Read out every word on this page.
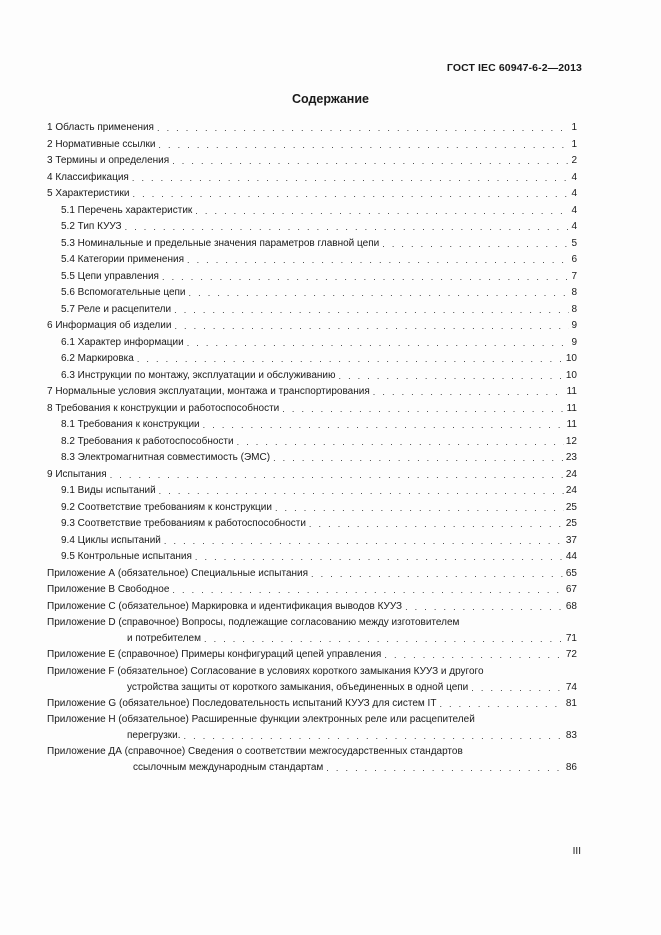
ГОСТ IEC 60947-6-2—2013
Содержание
1 Область применения . . .	1
2 Нормативные ссылки . . .	1
3 Термины и определения . . .	2
4 Классификация . . .	4
5 Характеристики . . .	4
5.1 Перечень характеристик . . .	4
5.2 Тип КУУЗ . . .	4
5.3 Номинальные и предельные значения параметров главной цепи . . .	5
5.4 Категории применения . . .	6
5.5 Цепи управления . . .	7
5.6 Вспомогательные цепи . . .	8
5.7 Реле и расцепители . . .	8
6 Информация об изделии . . .	9
6.1 Характер информации . . .	9
6.2 Маркировка . . .	10
6.3 Инструкции по монтажу, эксплуатации и обслуживанию . . .	10
7 Нормальные условия эксплуатации, монтажа и транспортирования . . .	11
8 Требования к конструкции и работоспособности . . .	11
8.1 Требования к конструкции . . .	11
8.2 Требования к работоспособности . . .	12
8.3 Электромагнитная совместимость (ЭМС) . . .	23
9 Испытания . . .	24
9.1 Виды испытаний . . .	24
9.2 Соответствие требованиям к конструкции . . .	25
9.3 Соответствие требованиям к работоспособности . . .	25
9.4 Циклы испытаний . . .	37
9.5 Контрольные испытания . . .	44
Приложение А (обязательное) Специальные испытания . . .	65
Приложение В Свободное . . .	67
Приложение С (обязательное) Маркировка и идентификация выводов КУУЗ . . .	68
Приложение D (справочное) Вопросы, подлежащие согласованию между изготовителем
и потребителем . . .	71
Приложение Е (справочное) Примеры конфигураций цепей управления . . .	72
Приложение F (обязательное) Согласование в условиях короткого замыкания КУУЗ и другого
устройства защиты от короткого замыкания, объединенных в одной цепи . . .	74
Приложение G (обязательное) Последовательность испытаний КУУЗ для систем IT . . .	81
Приложение Н (обязательное) Расширенные функции электронных реле или расцепителей
перегрузки. . . .	83
Приложение ДА (справочное) Сведения о соответствии межгосударственных стандартов
ссылочным международным стандартам . . .	86
III
